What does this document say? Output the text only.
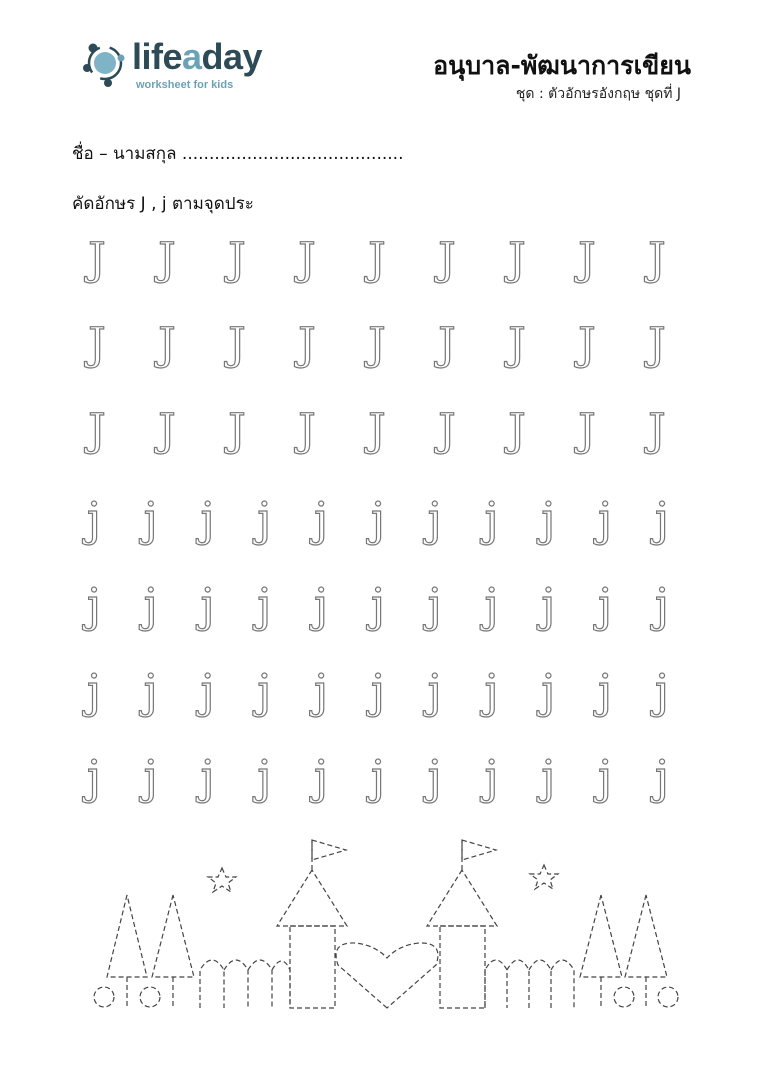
lifeaday
worksheet for kids
อนุบาล-พัฒนาการเขียน
ชุด : ตัวอักษรอังกฤษ ชุดที่ J
ชื่อ – นามสกุล .........................................
คัดอักษร J , j ตามจุดประ
J J J J J J J J J
J J J J J J J J J
J J J J J J J J J
j j j j j j j j j j j
j j j j j j j j j j j
j j j j j j j j j j j
j j j j j j j j j j j
